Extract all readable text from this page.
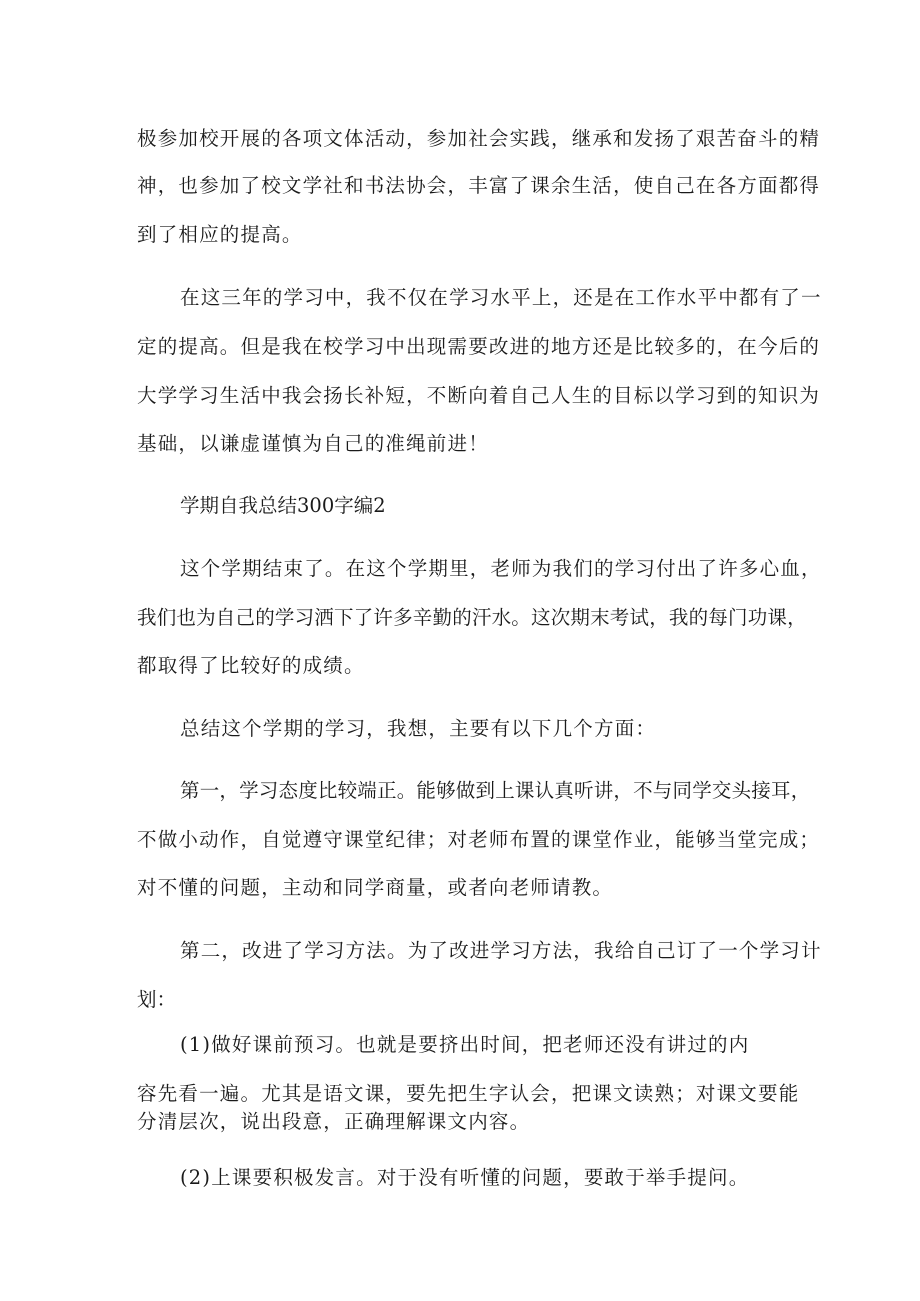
极参加校开展的各项文体活动，参加社会实践，继承和发扬了艰苦奋斗的精
神，也参加了校文学社和书法协会，丰富了课余生活，使自己在各方面都得
到了相应的提高。
在这三年的学习中，我不仅在学习水平上，还是在工作水平中都有了一
定的提高。但是我在校学习中出现需要改进的地方还是比较多的，在今后的
大学学习生活中我会扬长补短，不断向着自己人生的目标以学习到的知识为
基础，以谦虚谨慎为自己的准绳前进！
学期自我总结300字编2
这个学期结束了。在这个学期里，老师为我们的学习付出了许多心血，
我们也为自己的学习洒下了许多辛勤的汗水。这次期末考试，我的每门功课，
都取得了比较好的成绩。
总结这个学期的学习，我想，主要有以下几个方面：
第一，学习态度比较端正。能够做到上课认真听讲，不与同学交头接耳，
不做小动作，自觉遵守课堂纪律；对老师布置的课堂作业，能够当堂完成；
对不懂的问题，主动和同学商量，或者向老师请教。
第二，改进了学习方法。为了改进学习方法，我给自己订了一个学习计
划：
(1)做好课前预习。也就是要挤出时间，把老师还没有讲过的内
容先看一遍。尤其是语文课，要先把生字认会，把课文读熟；对课文要能
分清层次，说出段意，正确理解课文内容。
(2)上课要积极发言。对于没有听懂的问题，要敢于举手提问。
